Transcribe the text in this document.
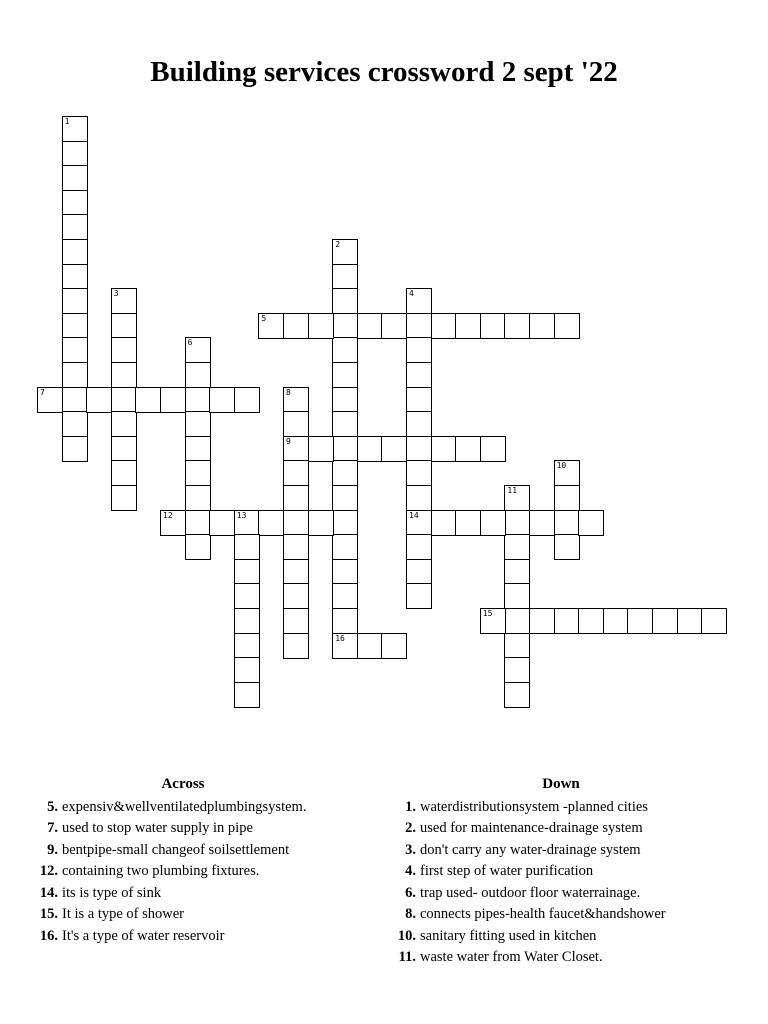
Building services crossword 2 sept '22
1
2
16
3	4
14
5
6
7	8
9
10
11
12	13
15
Across
5. expensiv&wellventilatedplumbingsystem.
7. used to stop water supply in pipe
9. bentpipe-small changeof soilsettlement
12. containing two plumbing fixtures.
14. its is type of sink
15. It is a type of shower
16. It's a type of water reservoir
Down
1. waterdistributionsystem -planned cities
2. used for maintenance-drainage system
3. don't carry any water-drainage system
4. first step of water purification
6. trap used- outdoor floor waterrainage.
8. connects pipes-health faucet&handshower
10. sanitary fitting used in kitchen
11. waste water from Water Closet.
